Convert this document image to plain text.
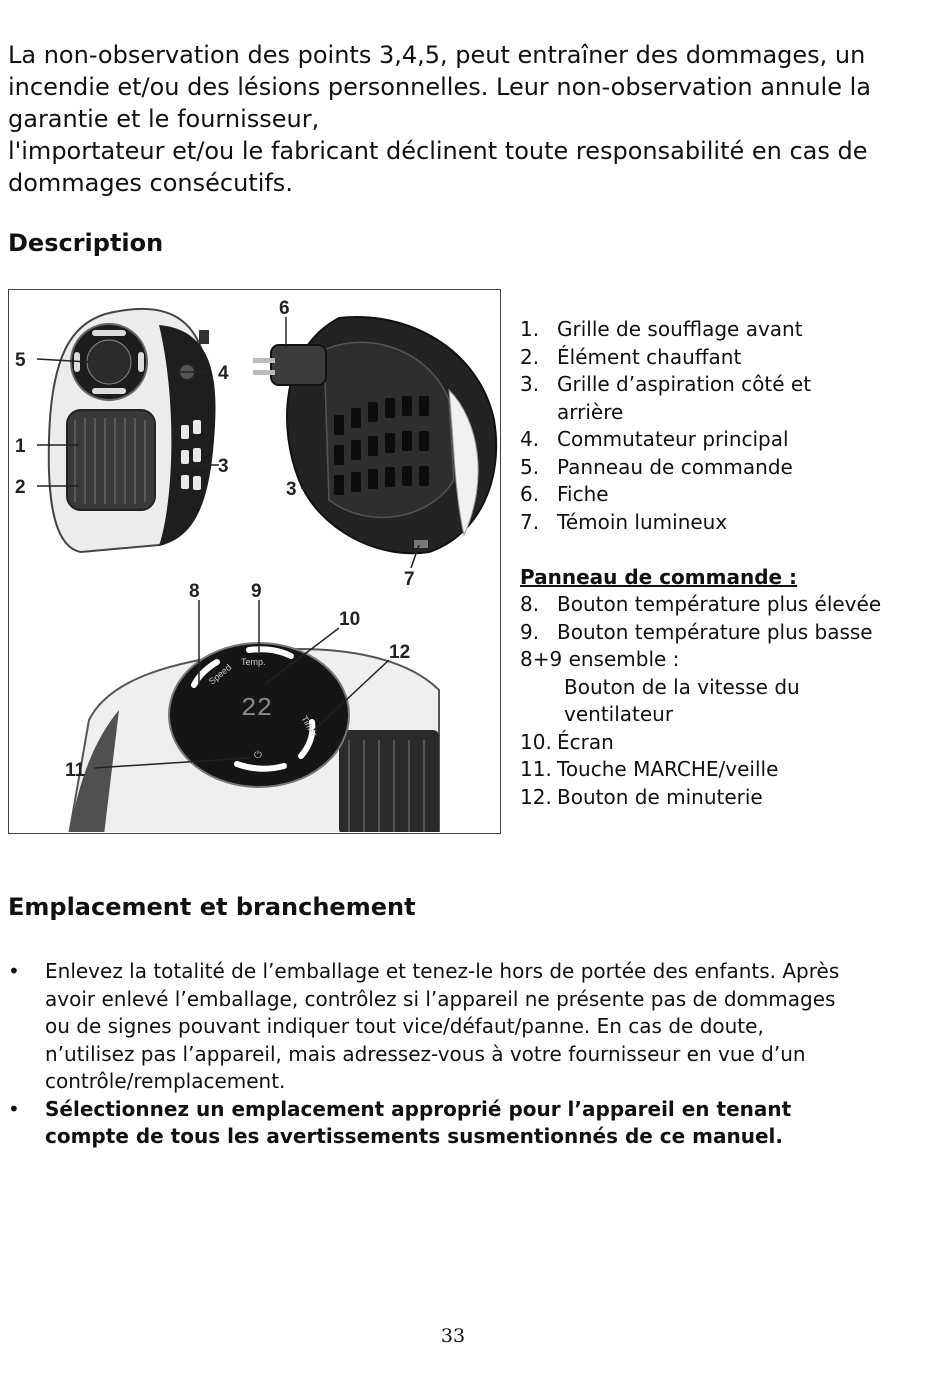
La non-observation des points 3,4,5, peut entraîner des dommages, un

incendie et/ou des lésions personnelles. Leur non-observation annule la

garantie et le fournisseur,

l'importateur et/ou le fabricant déclinent toute responsabilité en cas de

dommages consécutifs.

Description
22
Temp.
Speed
Timer
⏻
5
1
2
3
4
3
6
7
8	9
10
12
11
1. Grille de soufflage avant
2. Élément chauffant
3. Grille d’aspiration côté et
arrière
4. Commutateur principal
5. Panneau de commande
6. Fiche
7. Témoin lumineux
Panneau de commande :
8. Bouton température plus élevée
9. Bouton température plus basse
8+9 ensemble :
Bouton de la vitesse du
ventilateur
10. Écran
11. Touche MARCHE/veille
12. Bouton de minuterie
Emplacement et branchement
•	Enlevez la totalité de l’emballage et tenez-le hors de portée des enfants. Après
avoir enlevé l’emballage, contrôlez si l’appareil ne présente pas de dommages
ou de signes pouvant indiquer tout vice/défaut/panne. En cas de doute,
n’utilisez pas l’appareil, mais adressez-vous à votre fournisseur en vue d’un
contrôle/remplacement.
•	Sélectionnez un emplacement approprié pour l’appareil en tenant
compte de tous les avertissements susmentionnés de ce manuel.
33
